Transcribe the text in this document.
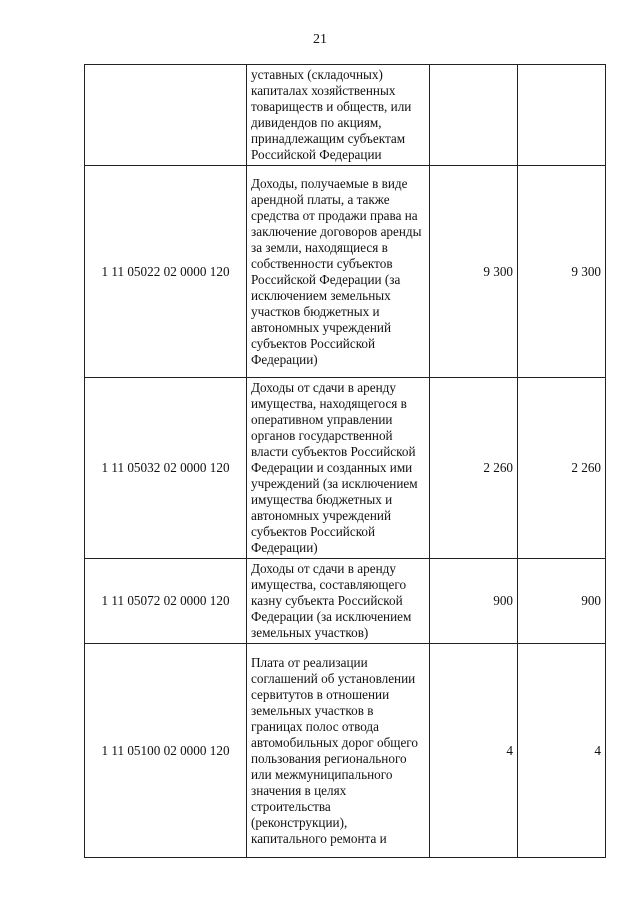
21
	уставных (складочных) капиталах хозяйственных товариществ и обществ, или дивидендов по акциям, принадлежащим субъектам Российской Федерации		
1 11 05022 02 0000 120	Доходы, получаемые в виде арендной платы, а также средства от продажи права на заключение договоров аренды за земли, находящиеся в собственности субъектов Российской Федерации (за исключением земельных участков бюджетных и автономных учреждений субъектов Российской Федерации)	9 300	9 300
1 11 05032 02 0000 120	Доходы от сдачи в аренду имущества, находящегося в оперативном управлении органов государственной власти субъектов Российской Федерации и созданных ими учреждений (за исключением имущества бюджетных и автономных учреждений субъектов Российской Федерации)	2 260	2 260
1 11 05072 02 0000 120	Доходы от сдачи в аренду имущества, составляющего казну субъекта Российской Федерации (за исключением земельных участков)	900	900
1 11 05100 02 0000 120	Плата от реализации соглашений об установлении сервитутов в отношении земельных участков в границах полос отвода автомобильных дорог общего пользования регионального или межмуниципального значения в целях строительства (реконструкции), капитального ремонта и	4	4
